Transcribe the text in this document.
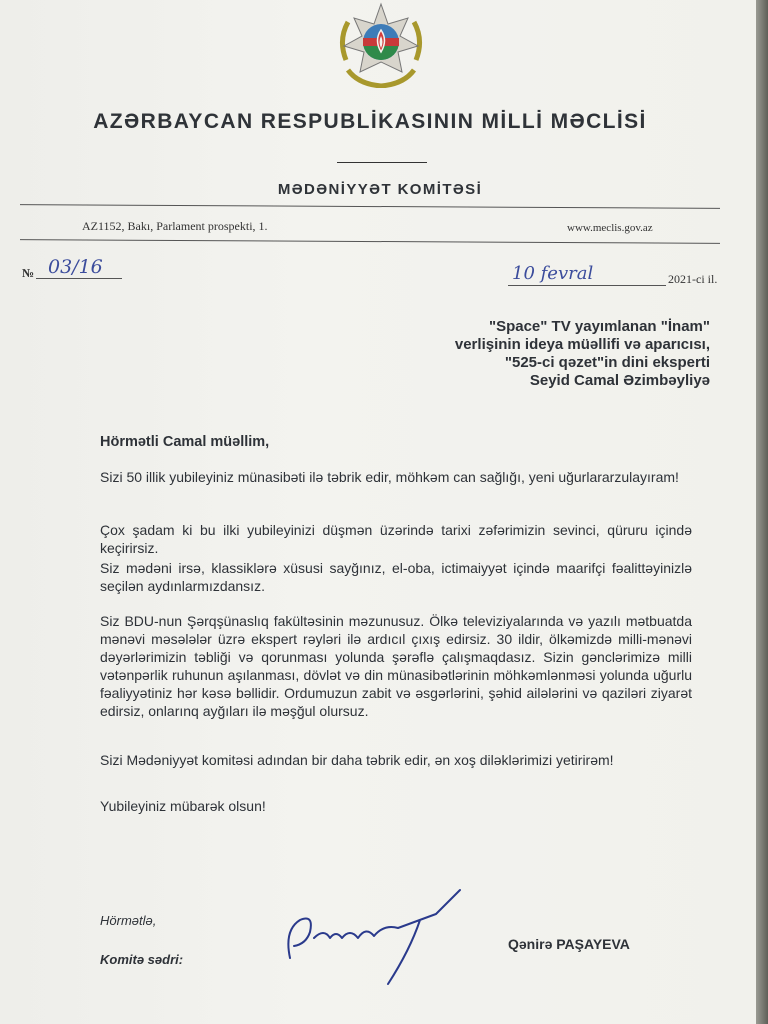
AZƏRBAYCAN RESPUBLİKASININ MİLLİ MƏCLİSİ
MƏDƏNİYYƏT KOMİTƏSİ
AZ1152, Bakı, Parlament prospekti, 1.	www.meclis.gov.az
№ 03/16	10 fevral	2021-ci il.
"Space" TV yayımlanan "İnam"
verlişinin ideya müəllifi və aparıcısı,
"525-ci qəzet"in dini eksperti
Seyid Camal Əzimbəyliyə
Hörmətli Camal müəllim,
Sizi 50 illik yubileyiniz münasibəti ilə təbrik edir, möhkəm can sağlığı, yeni uğurlararzulayıram!
Çox şadam ki bu ilki yubileyinizi düşmən üzərində tarixi zəfərimizin sevinci, qüruru içində keçirirsiz.
Siz mədəni irsə, klassiklərə xüsusi sayğınız, el-oba, ictimaiyyət içində maarifçi fəalittəyinizlə seçilən aydınlarmızdansız.
Siz BDU-nun Şərqşünaslıq fakültəsinin məzunusuz. Ölkə televiziyalarında və yazılı mətbuatda mənəvi məsələlər üzrə ekspert rəyləri ilə ardıcıl çıxış edirsiz. 30 ildir, ölkəmizdə milli-mənəvi dəyərlərimizin təbliği və qorunması yolunda şərəflə çalışmaqdasız. Sizin gənclərimizə milli vətənpərlik ruhunun aşılanması, dövlət və din münasibətlərinin möhkəmlənməsi yolunda uğurlu fəaliyyətiniz hər kəsə bəllidir. Ordumuzun zabit və əsgərlərini, şəhid ailələrini və qaziləri ziyarət edirsiz, onlarınq ayğıları ilə məşğul olursuz.
Sizi Mədəniyyət komitəsi adından bir daha təbrik edir, ən xoş diləklərimizi yetirirəm!
Yubileyiniz mübarək olsun!
Hörmətlə,
Komitə sədri:
Qənirə PAŞAYEVA
